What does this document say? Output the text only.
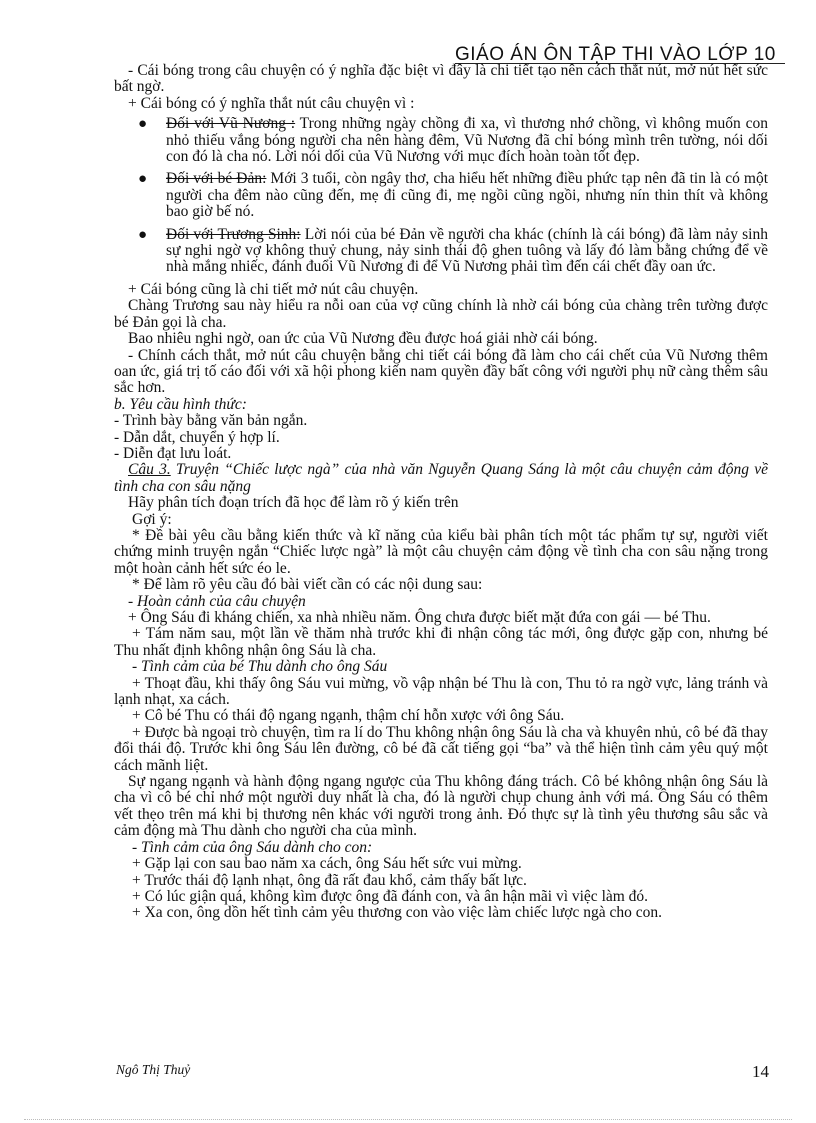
GIÁO ÁN ÔN TẬP THI VÀO LỚP 10

- Cái bóng trong câu chuyện có ý nghĩa đặc biệt vì đây là chi tiết tạo nên cách thắt nút, mở nút hết sức bất ngờ.

+ Cái bóng có ý nghĩa thắt nút câu chuyện vì :

● Đối với Vũ Nương : Trong những ngày chồng đi xa, vì thương nhớ chồng, vì không muốn con nhỏ thiếu vắng bóng người cha nên hàng đêm, Vũ Nương đã chỉ bóng mình trên tường, nói dối con đó là cha nó. Lời nói dối của Vũ Nương với mục đích hoàn toàn tốt đẹp.
● Đối với bé Đản: Mới 3 tuổi, còn ngây thơ, cha hiểu hết những điều phức tạp nên đã tin là có một người cha đêm nào cũng đến, mẹ đi cũng đi, mẹ ngồi cũng ngồi, nhưng nín thin thít và không bao giờ bế nó.
● Đối với Trương Sinh: Lời nói của bé Đản về người cha khác (chính là cái bóng) đã làm nảy sinh sự nghi ngờ vợ không thuỷ chung, nảy sinh thái độ ghen tuông và lấy đó làm bằng chứng để về nhà mắng nhiếc, đánh đuổi Vũ Nương đi để Vũ Nương phải tìm đến cái chết đầy oan ức.

+ Cái bóng cũng là chi tiết mở nút câu chuyện.

Chàng Trương sau này hiểu ra nỗi oan của vợ cũng chính là nhờ cái bóng của chàng trên tường được bé Đản gọi là cha.

Bao nhiêu nghi ngờ, oan ức của Vũ Nương đều được hoá giải nhờ cái bóng.

- Chính cách thắt, mở nút câu chuyện bằng chi tiết cái bóng đã làm cho cái chết của Vũ Nương thêm oan ức, giá trị tố cáo đối với xã hội phong kiến nam quyền đầy bất công với người phụ nữ càng thêm sâu sắc hơn.

b. Yêu cầu hình thức:

- Trình bày bằng văn bản ngắn.

- Dẫn dắt, chuyển ý hợp lí.

- Diễn đạt lưu loát.

Câu 3. Truyện “Chiếc lược ngà” của nhà văn Nguyễn Quang Sáng là một câu chuyện cảm động về tình cha con sâu nặng

Hãy phân tích đoạn trích đã học để làm rõ ý kiến trên

Gợi ý:

* Đề bài yêu cầu bằng kiến thức và kĩ năng của kiểu bài phân tích một tác phẩm tự sự, người viết chứng minh truyện ngắn “Chiếc lược ngà” là một câu chuyện cảm động về tình cha con sâu nặng trong một hoàn cảnh hết sức éo le.

* Để làm rõ yêu cầu đó bài viết cần có các nội dung sau:

- Hoàn cảnh của câu chuyện

+ Ông Sáu đi kháng chiến, xa nhà nhiều năm. Ông chưa được biết mặt đứa con gái — bé Thu.

+ Tám năm sau, một lần về thăm nhà trước khi đi nhận công tác mới, ông được gặp con, nhưng bé Thu nhất định không nhận ông Sáu là cha.

- Tình cảm của bé Thu dành cho ông Sáu

+ Thoạt đầu, khi thấy ông Sáu vui mừng, vồ vập nhận bé Thu là con, Thu tỏ ra ngờ vực, lảng tránh và lạnh nhạt, xa cách.

+ Cô bé Thu có thái độ ngang ngạnh, thậm chí hỗn xược với ông Sáu.

+ Được bà ngoại trò chuyện, tìm ra lí do Thu không nhận ông Sáu là cha và khuyên nhủ, cô bé đã thay đổi thái độ. Trước khi ông Sáu lên đường, cô bé đã cất tiếng gọi “ba” và thể hiện tình cảm yêu quý một cách mãnh liệt.

Sự ngang ngạnh và hành động ngang ngược của Thu không đáng trách. Cô bé không nhận ông Sáu là cha vì cô bé chỉ nhớ một người duy nhất là cha, đó là người chụp chung ảnh với má. Ông Sáu có thêm vết thẹo trên má khi bị thương nên khác với người trong ảnh. Đó thực sự là tình yêu thương sâu sắc và cảm động mà Thu dành cho người cha của mình.

- Tình cảm của ông Sáu dành cho con:

+ Gặp lại con sau bao năm xa cách, ông Sáu hết sức vui mừng.

+ Trước thái độ lạnh nhạt, ông đã rất đau khổ, cảm thấy bất lực.

+ Có lúc giận quá, không kìm được ông đã đánh con, và ân hận mãi vì việc làm đó.

+ Xa con, ông dồn hết tình cảm yêu thương con vào việc làm chiếc lược ngà cho con.

Ngô Thị Thuỷ	14
